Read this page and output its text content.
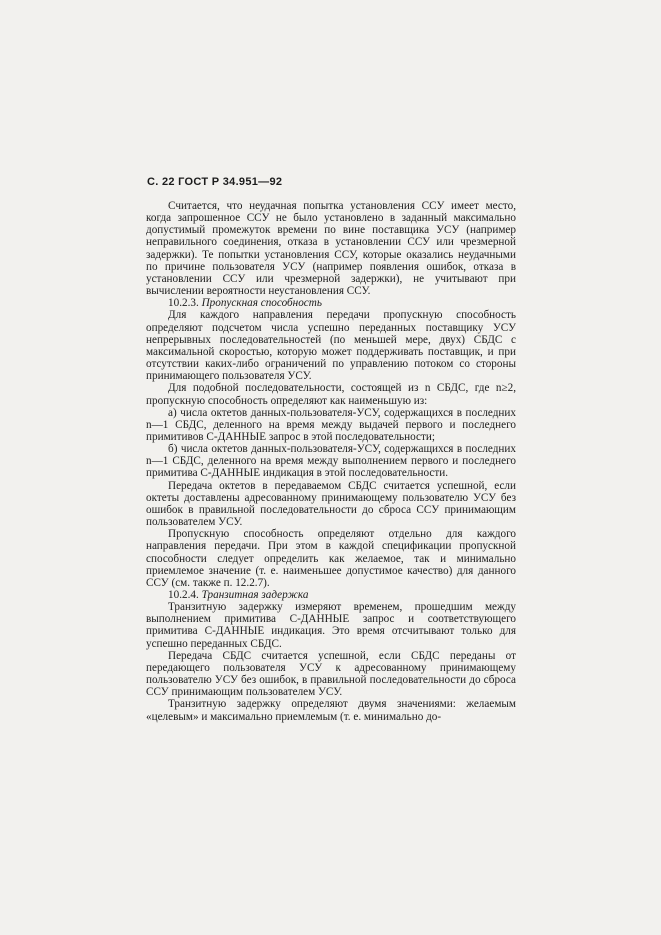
С. 22 ГОСТ Р 34.951—92

Считается, что неудачная попытка установления ССУ имеет место, когда запрошенное ССУ не было установлено в заданный максимально допустимый промежуток времени по вине поставщика УСУ (например неправильного соединения, отказа в установлении ССУ или чрезмерной задержки). Те попытки установления ССУ, которые оказались неудачными по причине пользователя УСУ (например появления ошибок, отказа в установлении ССУ или чрезмерной задержки), не учитывают при вычислении вероятности неустановления ССУ.

10.2.3. Пропускная способность

Для каждого направления передачи пропускную способность определяют подсчетом числа успешно переданных поставщику УСУ непрерывных последовательностей (по меньшей мере, двух) СБДС с максимальной скоростью, которую может поддерживать поставщик, и при отсутствии каких-либо ограничений по управлению потоком со стороны принимающего пользователя УСУ.

Для подобной последовательности, состоящей из n СБДС, где n≥2, пропускную способность определяют как наименьшую из:

а) числа октетов данных-пользователя-УСУ, содержащихся в последних n—1 СБДС, деленного на время между выдачей первого и последнего примитивов С-ДАННЫЕ запрос в этой последовательности;

б) числа октетов данных-пользователя-УСУ, содержащихся в последних n—1 СБДС, деленного на время между выполнением первого и последнего примитива С-ДАННЫЕ индикация в этой последовательности.

Передача октетов в передаваемом СБДС считается успешной, если октеты доставлены адресованному принимающему пользователю УСУ без ошибок в правильной последовательности до сброса ССУ принимающим пользователем УСУ.

Пропускную способность определяют отдельно для каждого направления передачи. При этом в каждой спецификации пропускной способности следует определить как желаемое, так и минимально приемлемое значение (т. е. наименьшее допустимое качество) для данного ССУ (см. также п. 12.2.7).

10.2.4. Транзитная задержка

Транзитную задержку измеряют временем, прошедшим между выполнением примитива С-ДАННЫЕ запрос и соответствующего примитива С-ДАННЫЕ индикация. Это время отсчитывают только для успешно переданных СБДС.

Передача СБДС считается успешной, если СБДС переданы от передающего пользователя УСУ к адресованному принимающему пользователю УСУ без ошибок, в правильной последовательности до сброса ССУ принимающим пользователем УСУ.

Транзитную задержку определяют двумя значениями: желаемым «целевым» и максимально приемлемым (т. е. минимально до-
